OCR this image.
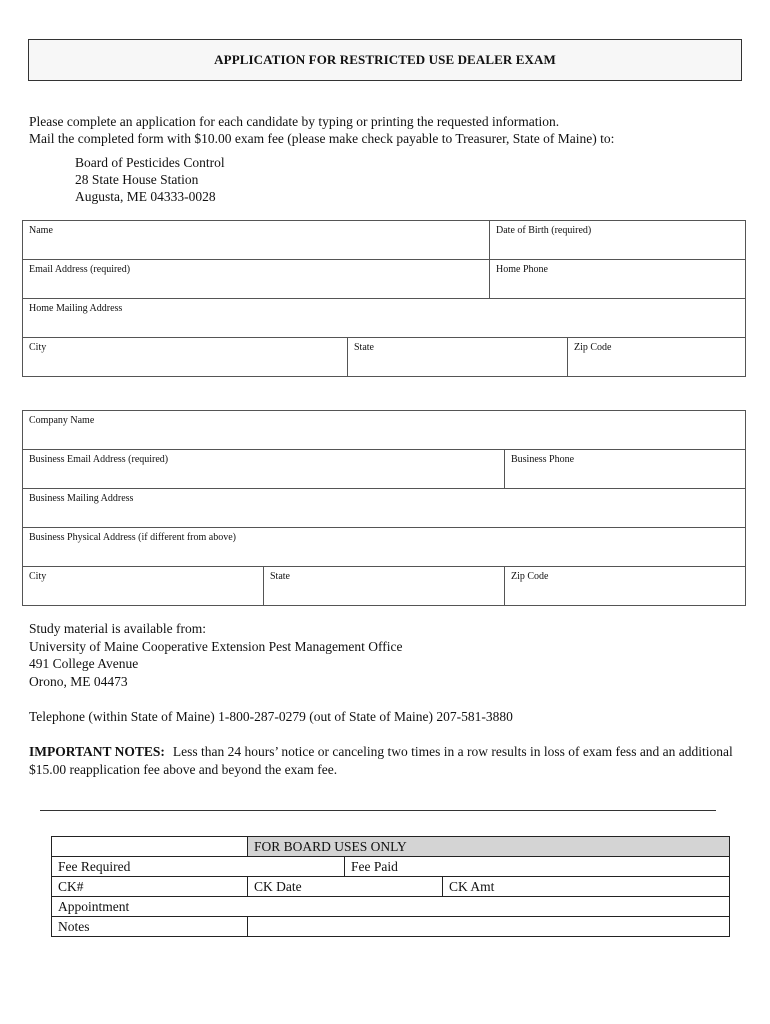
APPLICATION FOR RESTRICTED USE DEALER EXAM
Please complete an application for each candidate by typing or printing the requested information.
Mail the completed form with $10.00 exam fee (please make check payable to Treasurer, State of Maine) to:
Board of Pesticides Control
28 State House Station
Augusta, ME 04333-0028
Name	Date of Birth (required)
Email Address (required)	Home Phone
Home Mailing Address
City	State	Zip Code
Company Name
Business Email Address (required)	Business Phone
Business Mailing Address
Business Physical Address (if different from above)
City	State	Zip Code
Study material is available from:
University of Maine Cooperative Extension Pest Management Office
491 College Avenue
Orono, ME 04473
Telephone (within State of Maine) 1-800-287-0279 (out of State of Maine) 207-581-3880
IMPORTANT NOTES: Less than 24 hours’ notice or canceling two times in a row results in loss of exam fess and an additional $15.00 reapplication fee above and beyond the exam fee.
FOR BOARD USES ONLY
Fee Required	Fee Paid
CK#	CK Date	CK Amt
Appointment
Notes
